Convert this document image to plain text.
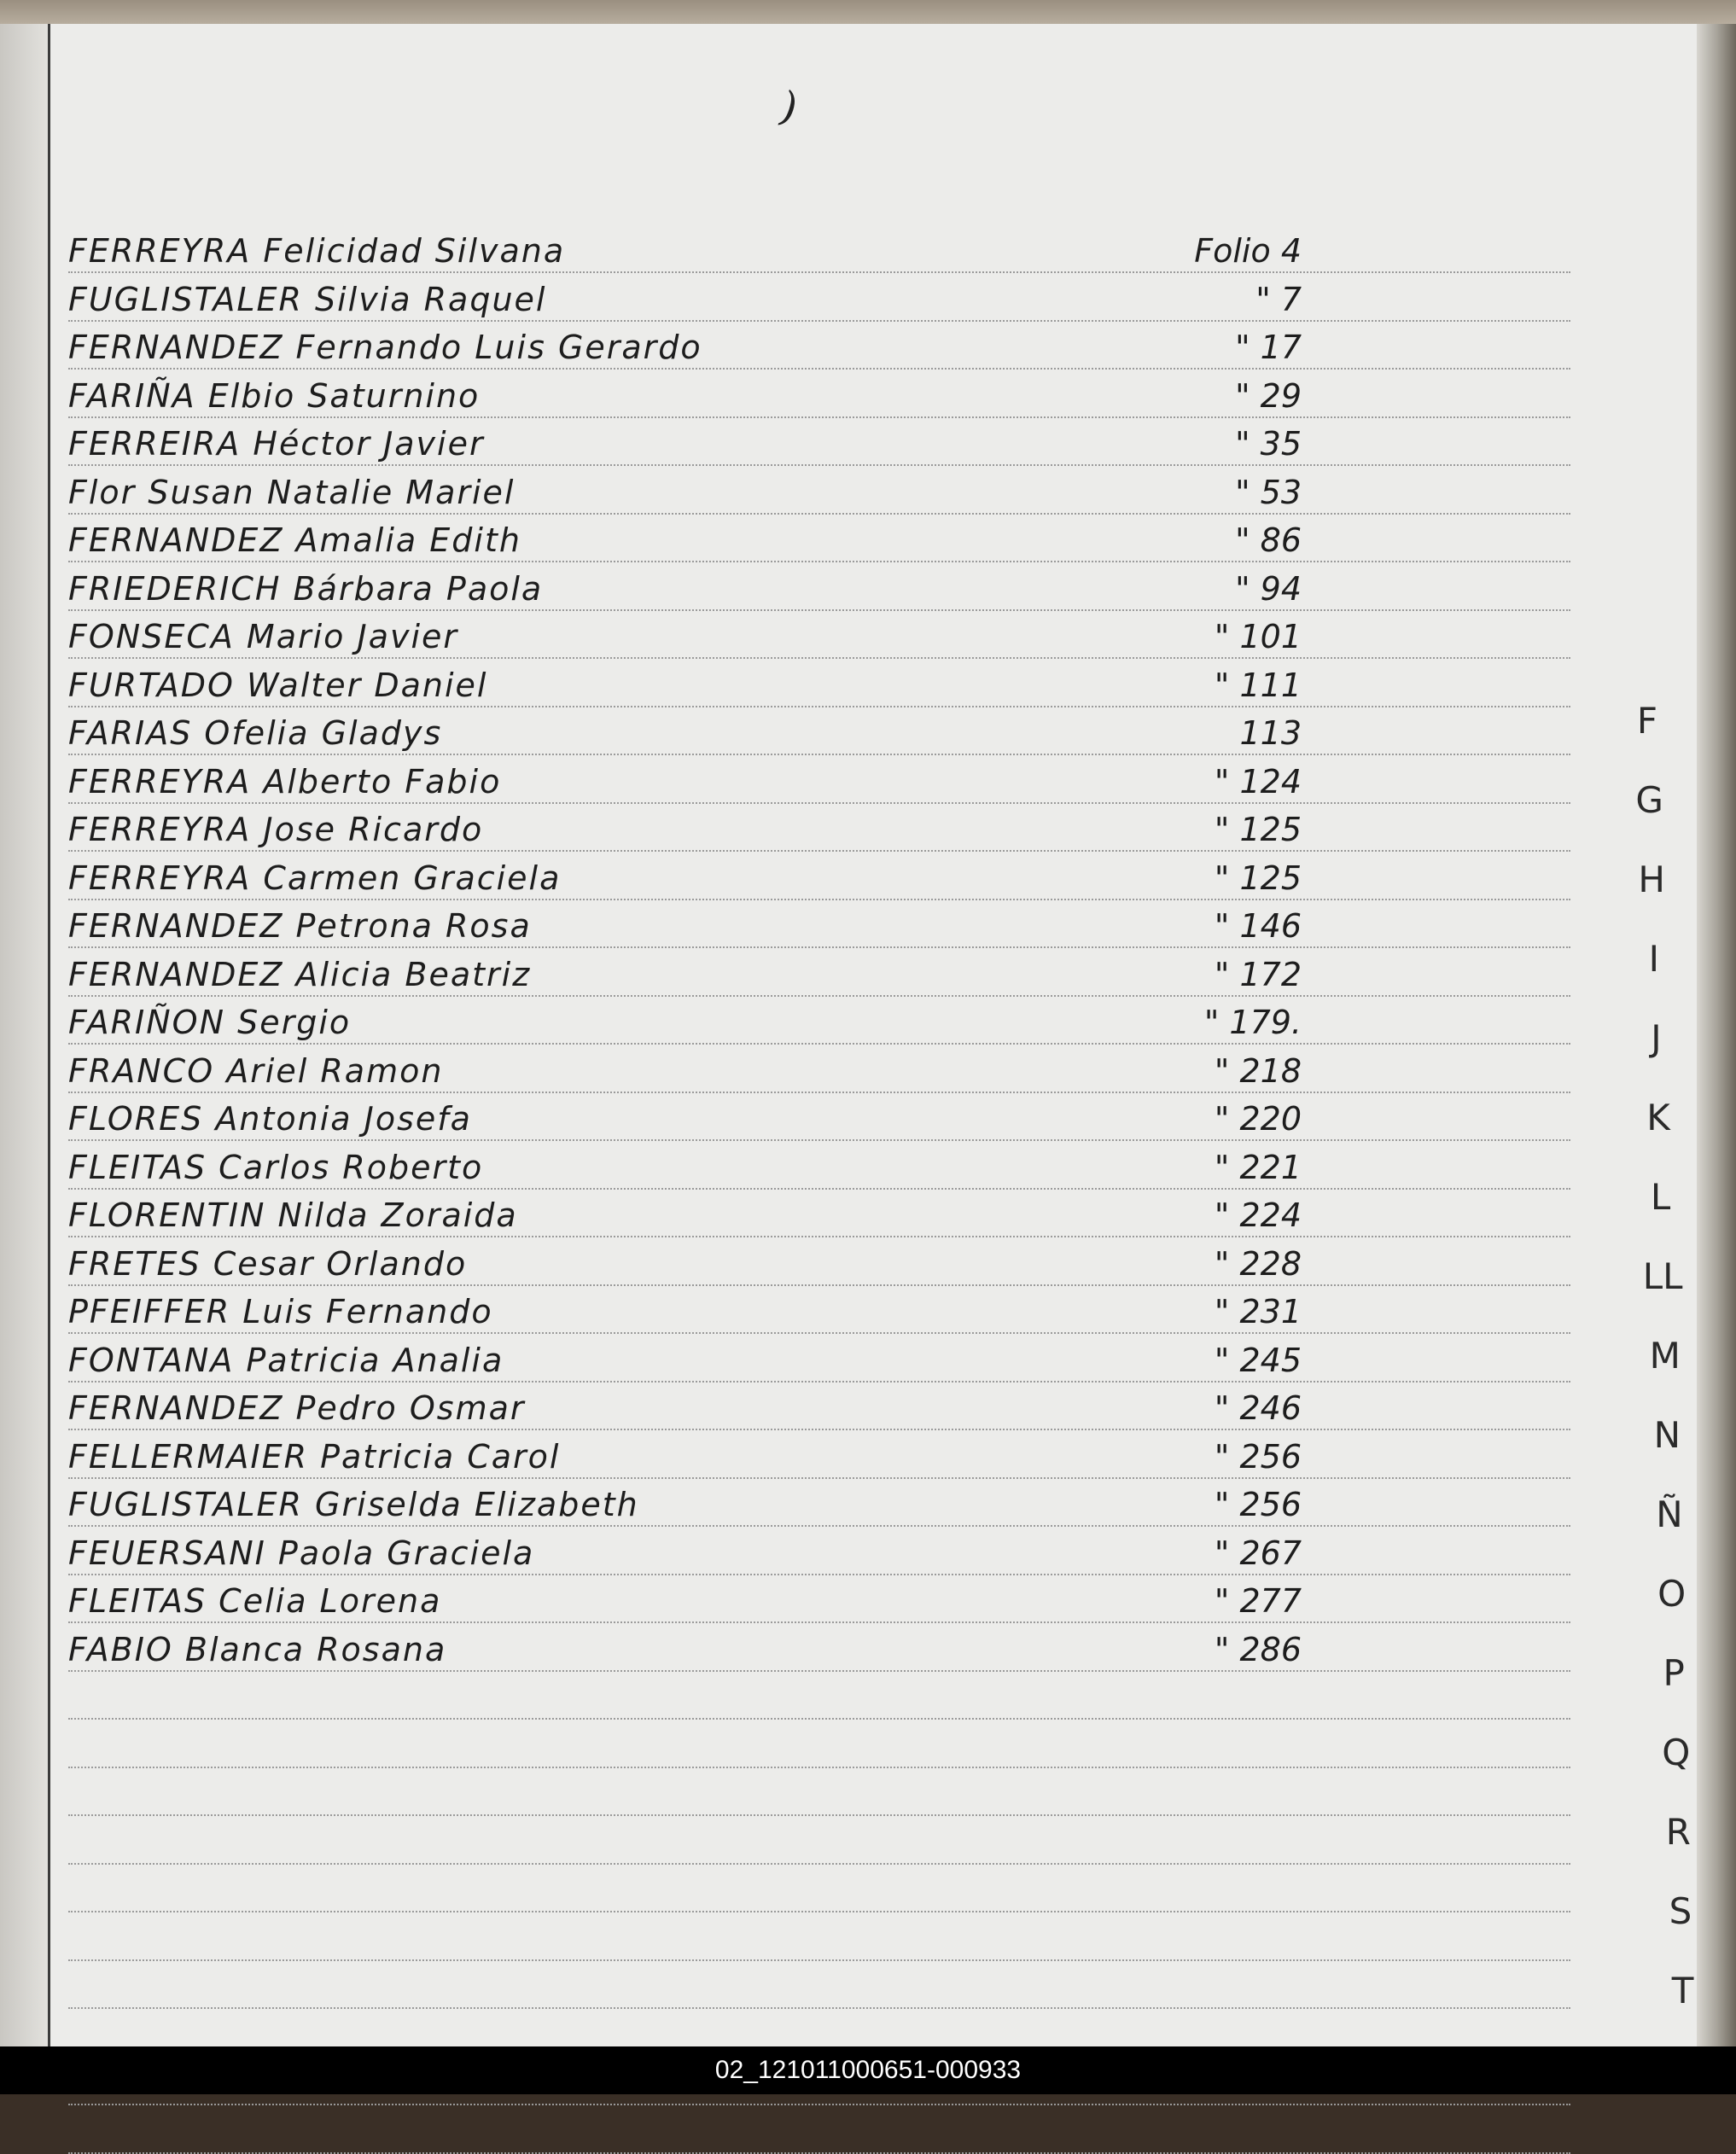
)
FERREYRA Felicidad Silvana	Folio 4
FUGLISTALER Silvia Raquel	" 7
FERNANDEZ Fernando Luis Gerardo	" 17
FARIÑA Elbio Saturnino	" 29
FERREIRA Héctor Javier	" 35
Flor Susan Natalie Mariel	" 53
FERNANDEZ Amalia Edith	" 86
FRIEDERICH Bárbara Paola	" 94
FONSECA Mario Javier	" 101
FURTADO Walter Daniel	" 111
FARIAS Ofelia Gladys	113
FERREYRA Alberto Fabio	" 124
FERREYRA Jose Ricardo	" 125
FERREYRA Carmen Graciela	" 125
FERNANDEZ Petrona Rosa	" 146
FERNANDEZ Alicia Beatriz	" 172
FARIÑON Sergio	" 179.
FRANCO Ariel Ramon	" 218
FLORES Antonia Josefa	" 220
FLEITAS Carlos Roberto	" 221
FLORENTIN Nilda Zoraida	" 224
FRETES Cesar Orlando	" 228
PFEIFFER Luis Fernando	" 231
FONTANA Patricia Analia	" 245
FERNANDEZ Pedro Osmar	" 246
FELLERMAIER Patricia Carol	" 256
FUGLISTALER Griselda Elizabeth	" 256
FEUERSANI Paola Graciela	" 267
FLEITAS Celia Lorena	" 277
FABIO Blanca Rosana	" 286
F
G
H
I
J
K
L
LL
M
N
Ñ
O
P
Q
R
S
T
02_121011000651-000933
